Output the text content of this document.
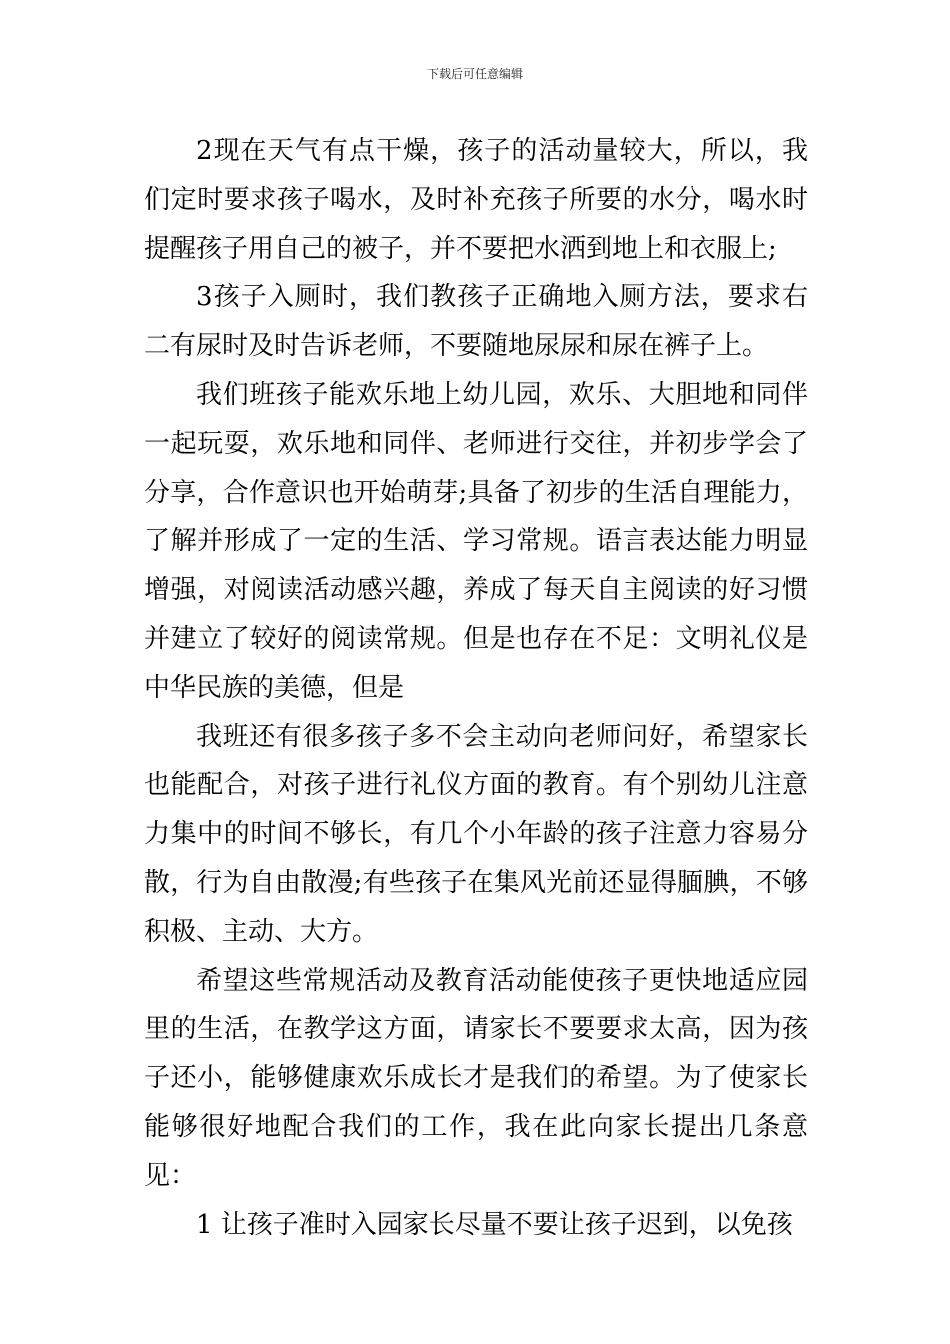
下载后可任意编辑

2现在天气有点干燥，孩子的活动量较大，所以，我们定时要求孩子喝水，及时补充孩子所要的水分，喝水时提醒孩子用自己的被子，并不要把水洒到地上和衣服上;

3孩子入厕时，我们教孩子正确地入厕方法，要求右二有尿时及时告诉老师，不要随地尿尿和尿在裤子上。

我们班孩子能欢乐地上幼儿园，欢乐、大胆地和同伴一起玩耍，欢乐地和同伴、老师进行交往，并初步学会了分享，合作意识也开始萌芽;具备了初步的生活自理能力，了解并形成了一定的生活、学习常规。语言表达能力明显增强，对阅读活动感兴趣，养成了每天自主阅读的好习惯并建立了较好的阅读常规。但是也存在不足：文明礼仪是中华民族的美德，但是

我班还有很多孩子多不会主动向老师问好，希望家长也能配合，对孩子进行礼仪方面的教育。有个别幼儿注意力集中的时间不够长，有几个小年龄的孩子注意力容易分散，行为自由散漫;有些孩子在集风光前还显得腼腆，不够积极、主动、大方。

希望这些常规活动及教育活动能使孩子更快地适应园里的生活，在教学这方面，请家长不要要求太高，因为孩子还小，能够健康欢乐成长才是我们的希望。为了使家长能够很好地配合我们的工作，我在此向家长提出几条意见：

1 让孩子准时入园家长尽量不要让孩子迟到，以免孩
